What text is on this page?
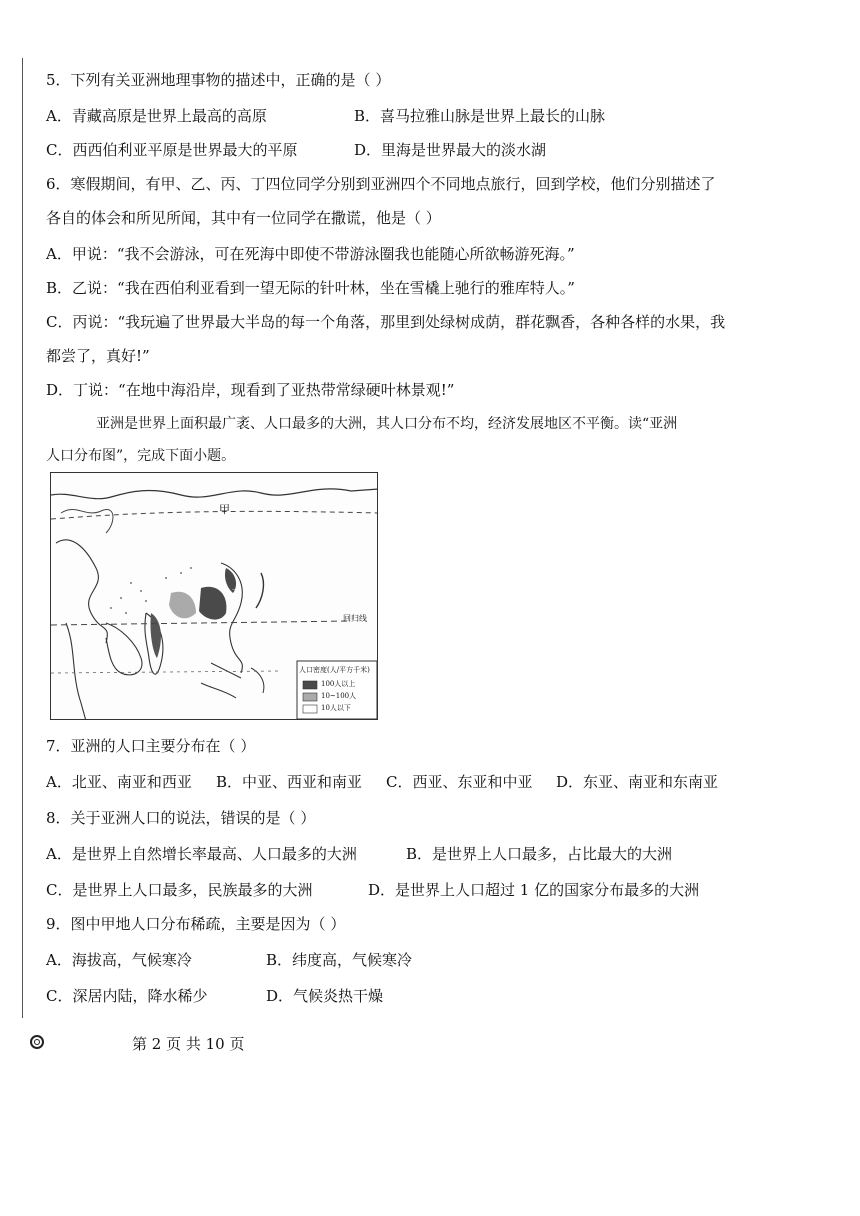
5．下列有关亚洲地理事物的描述中，正确的是（ ）
A．青藏高原是世界上最高的高原	B．喜马拉雅山脉是世界上最长的山脉
C．西西伯利亚平原是世界最大的平原	D．里海是世界最大的淡水湖
6．寒假期间，有甲、乙、丙、丁四位同学分别到亚洲四个不同地点旅行，回到学校，他们分别描述了
各自的体会和所见所闻，其中有一位同学在撒谎，他是（ ）
A．甲说：“我不会游泳，可在死海中即使不带游泳圈我也能随心所欲畅游死海。”
B．乙说：“我在西伯利亚看到一望无际的针叶林，坐在雪橇上驰行的雅库特人。”
C．丙说：“我玩遍了世界最大半岛的每一个角落，那里到处绿树成荫，群花飘香，各种各样的水果，我
都尝了，真好!”
D．丁说：“在地中海沿岸，现看到了亚热带常绿硬叶林景观!”
亚洲是世界上面积最广袤、人口最多的大洲，其人口分布不均，经济发展地区不平衡。读“亚洲
人口分布图”，完成下面小题。
甲
乙
回归线
人口密度(人/平方千米)
100人以上
10~100人
10人以下
7．亚洲的人口主要分布在（ ）
A．北亚、南亚和西亚 B．中亚、西亚和南亚 C．西亚、东亚和中亚 D．东亚、南亚和东南亚
8．关于亚洲人口的说法，错误的是（ ）
A．是世界上自然增长率最高、人口最多的大洲	B．是世界上人口最多，占比最大的大洲
C．是世界上人口最多，民族最多的大洲	D．是世界上人口超过 1 亿的国家分布最多的大洲
9．图中甲地人口分布稀疏，主要是因为（ ）
A．海拔高，气候寒冷	B．纬度高，气候寒冷
C．深居内陆，降水稀少	D．气候炎热干燥
第 2 页 共 10 页
